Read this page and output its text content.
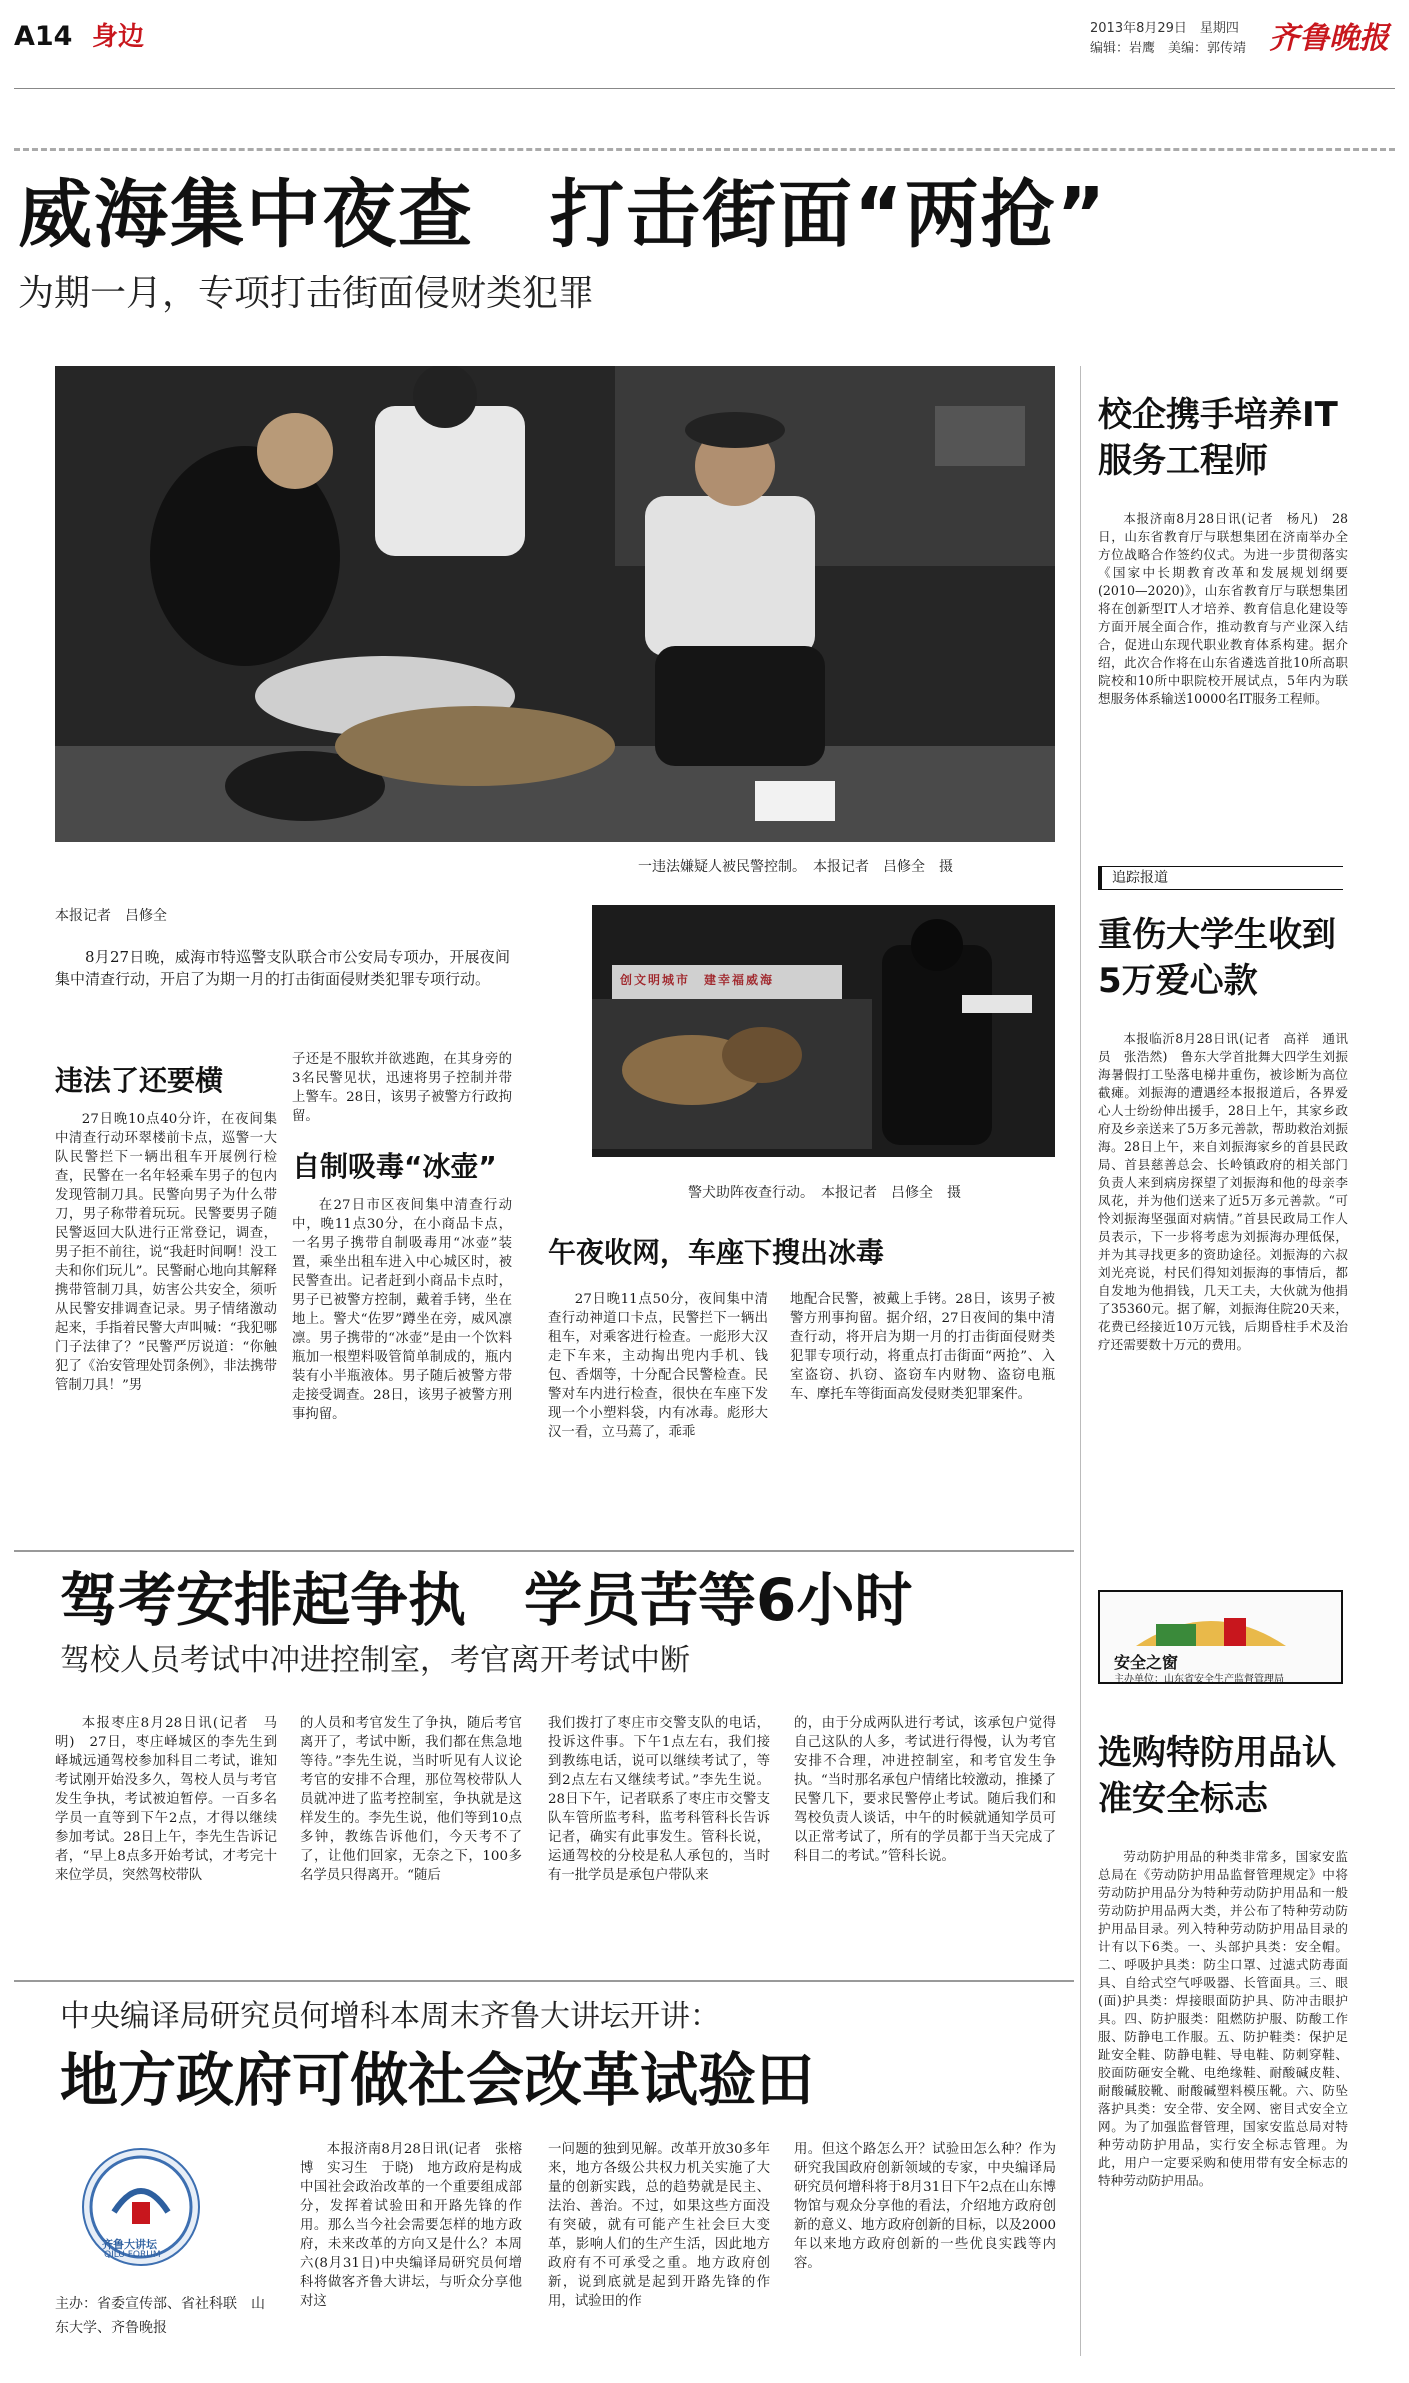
A14 身边	2013年8月29日　星期四
编辑：岩鹰　美编：郭传靖 齐鲁晚报
威海集中夜查　打击街面“两抢”
为期一月，专项打击街面侵财类犯罪
一违法嫌疑人被民警控制。　本报记者　吕修全　摄
本报记者　吕修全

8月27日晚，威海市特巡警支队联合市公安局专项办，开展夜间集中清查行动，开启了为期一月的打击街面侵财类犯罪专项行动。	创文明城市　建幸福威海
警犬助阵夜查行动。　本报记者　吕修全　摄
违法了还要横

27日晚10点40分许，在夜间集中清查行动环翠楼前卡点，巡警一大队民警拦下一辆出租车开展例行检查，民警在一名年轻乘车男子的包内发现管制刀具。民警向男子为什么带刀，男子称带着玩玩。民警要男子随民警返回大队进行正常登记，调查，男子拒不前往，说“我赶时间啊！没工夫和你们玩儿”。民警耐心地向其解释携带管制刀具，妨害公共安全，须听从民警安排调查记录。男子情绪激动起来，手指着民警大声叫喊：“我犯哪门子法律了？”民警严厉说道：“你触犯了《治安管理处罚条例》，非法携带管制刀具！”男

子还是不服软并欲逃跑，在其身旁的3名民警见状，迅速将男子控制并带上警车。28日，该男子被警方行政拘留。

自制吸毒“冰壶”

在27日市区夜间集中清查行动中，晚11点30分，在小商品卡点，一名男子携带自制吸毒用“冰壶”装置，乘坐出租车进入中心城区时，被民警查出。记者赶到小商品卡点时，男子已被警方控制，戴着手铐，坐在地上。警犬“佐罗”蹲坐在旁，威风凛凛。男子携带的“冰壶”是由一个饮料瓶加一根塑料吸管简单制成的，瓶内装有小半瓶液体。男子随后被警方带走接受调查。28日，该男子被警方刑事拘留。

午夜收网，车座下搜出冰毒

27日晚11点50分，夜间集中清查行动神道口卡点，民警拦下一辆出租车，对乘客进行检查。一彪形大汉走下车来，主动掏出兜内手机、钱包、香烟等，十分配合民警检查。民警对车内进行检查，很快在车座下发现一个小塑料袋，内有冰毒。彪形大汉一看，立马蔫了，乖乖

地配合民警，被戴上手铐。28日，该男子被警方刑事拘留。据介绍，27日夜间的集中清查行动，将开启为期一月的打击街面侵财类犯罪专项行动，将重点打击街面“两抢”、入室盗窃、扒窃、盗窃车内财物、盗窃电瓶车、摩托车等街面高发侵财类犯罪案件。

驾考安排起争执　学员苦等6小时
驾校人员考试中冲进控制室，考官离开考试中断

本报枣庄8月28日讯(记者　马明)　27日，枣庄峄城区的李先生到峄城远通驾校参加科目二考试，谁知考试刚开始没多久，驾校人员与考官发生争执，考试被迫暂停。一百多名学员一直等到下午2点，才得以继续参加考试。28日上午，李先生告诉记者，“早上8点多开始考试，才考完十来位学员，突然驾校带队

的人员和考官发生了争执，随后考官离开了，考试中断，我们都在焦急地等待。”李先生说，当时听见有人议论考官的安排不合理，那位驾校带队人员就冲进了监考控制室，争执就是这样发生的。李先生说，他们等到10点多钟，教练告诉他们，今天考不了了，让他们回家，无奈之下，100多名学员只得离开。“随后

我们拨打了枣庄市交警支队的电话，投诉这件事。下午1点左右，我们接到教练电话，说可以继续考试了，等到2点左右又继续考试。”李先生说。28日下午，记者联系了枣庄市交警支队车管所监考科，监考科管科长告诉记者，确实有此事发生。管科长说，运通驾校的分校是私人承包的，当时有一批学员是承包户带队来

的，由于分成两队进行考试，该承包户觉得自己这队的人多，考试进行得慢，认为考官安排不合理，冲进控制室，和考官发生争执。“当时那名承包户情绪比较激动，推搡了民警几下，要求民警停止考试。随后我们和驾校负责人谈话，中午的时候就通知学员可以正常考试了，所有的学员都于当天完成了科目二的考试。”管科长说。

中央编译局研究员何增科本周末齐鲁大讲坛开讲：
地方政府可做社会改革试验田
齐鲁大讲坛
QILU FORUM
主办：省委宣传部、省社科联　山东大学、齐鲁晚报

本报济南8月28日讯(记者　张榕博　实习生　于晓)　地方政府是构成中国社会政治改革的一个重要组成部分，发挥着试验田和开路先锋的作用。那么当今社会需要怎样的地方政府，未来改革的方向又是什么？本周六(8月31日)中央编译局研究员何增科将做客齐鲁大讲坛，与听众分享他对这

一问题的独到见解。改革开放30多年来，地方各级公共权力机关实施了大量的创新实践，总的趋势就是民主、法治、善治。不过，如果这些方面没有突破，就有可能产生社会巨大变革，影响人们的生产生活，因此地方政府有不可承受之重。地方政府创新，说到底就是起到开路先锋的作用，试验田的作

用。但这个路怎么开？试验田怎么种？作为研究我国政府创新领域的专家，中央编译局研究员何增科将于8月31日下午2点在山东博物馆与观众分享他的看法，介绍地方政府创新的意义、地方政府创新的目标，以及2000年以来地方政府创新的一些优良实践等内容。

校企携手培养IT服务工程师

本报济南8月28日讯(记者　杨凡)　28日，山东省教育厅与联想集团在济南举办全方位战略合作签约仪式。为进一步贯彻落实《国家中长期教育改革和发展规划纲要(2010—2020)》，山东省教育厅与联想集团将在创新型IT人才培养、教育信息化建设等方面开展全面合作，推动教育与产业深入结合，促进山东现代职业教育体系构建。据介绍，此次合作将在山东省遴选首批10所高职院校和10所中职院校开展试点，5年内为联想服务体系输送10000名IT服务工程师。

追踪报道
重伤大学生收到5万爱心款

本报临沂8月28日讯(记者　高祥　通讯员　张浩然)　鲁东大学首批舞大四学生刘振海暑假打工坠落电梯井重伤，被诊断为高位截瘫。刘振海的遭遇经本报报道后，各界爱心人士纷纷伸出援手，28日上午，其家乡政府及乡亲送来了5万多元善款，帮助救治刘振海。28日上午，来自刘振海家乡的首县民政局、首县慈善总会、长岭镇政府的相关部门负责人来到病房探望了刘振海和他的母亲李凤花，并为他们送来了近5万多元善款。“可怜刘振海坚强面对病情。”首县民政局工作人员表示，下一步将考虑为刘振海办理低保，并为其寻找更多的资助途径。刘振海的六叔刘光亮说，村民们得知刘振海的事情后，都自发地为他捐钱，几天工夫，大伙就为他捐了35360元。据了解，刘振海住院20天来，花费已经接近10万元钱，后期昏柱手术及治疗还需要数十万元的费用。

安全之窗
主办单位：山东省安全生产监督管理局
选购特防用品认准安全标志

劳动防护用品的种类非常多，国家安监总局在《劳动防护用品监督管理规定》中将劳动防护用品分为特种劳动防护用品和一般劳动防护用品两大类，并公布了特种劳动防护用品目录。列入特种劳动防护用品目录的计有以下6类。一、头部护具类：安全帽。二、呼吸护具类：防尘口罩、过滤式防毒面具、自给式空气呼吸器、长管面具。三、眼(面)护具类：焊接眼面防护具、防冲击眼护具。四、防护服类：阻燃防护服、防酸工作服、防静电工作服。五、防护鞋类：保护足趾安全鞋、防静电鞋、导电鞋、防刺穿鞋、胶面防砸安全靴、电绝缘鞋、耐酸碱皮鞋、耐酸碱胶靴、耐酸碱塑料模压靴。六、防坠落护具类：安全带、安全网、密目式安全立网。为了加强监督管理，国家安监总局对特种劳动防护用品，实行安全标志管理。为此，用户一定要采购和使用带有安全标志的特种劳动防护用品。
